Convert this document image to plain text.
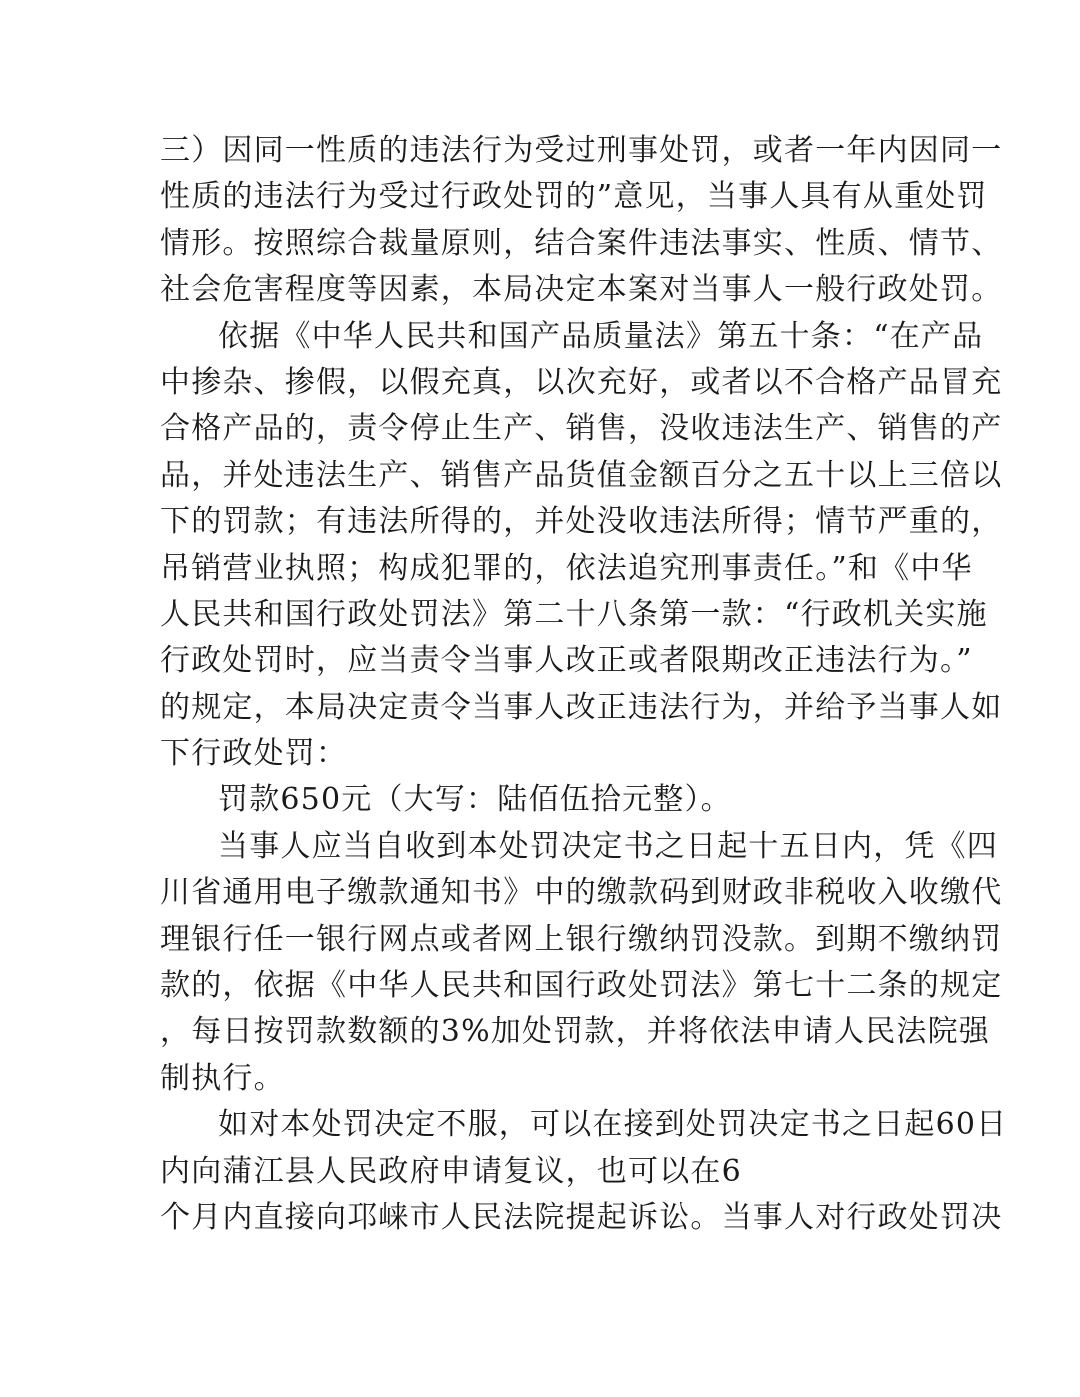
三）因同一性质的违法行为受过刑事处罚，或者一年内因同一
性质的违法行为受过行政处罚的”意见，当事人具有从重处罚
情形。按照综合裁量原则，结合案件违法事实、性质、情节、
社会危害程度等因素，本局决定本案对当事人一般行政处罚。
依据《中华人民共和国产品质量法》第五十条：“在产品
中掺杂、掺假，以假充真，以次充好，或者以不合格产品冒充
合格产品的，责令停止生产、销售，没收违法生产、销售的产
品，并处违法生产、销售产品货值金额百分之五十以上三倍以
下的罚款；有违法所得的，并处没收违法所得；情节严重的，
吊销营业执照；构成犯罪的，依法追究刑事责任。”和《中华
人民共和国行政处罚法》第二十八条第一款：“行政机关实施
行政处罚时，应当责令当事人改正或者限期改正违法行为。”
的规定，本局决定责令当事人改正违法行为，并给予当事人如
下行政处罚：
罚款650元（大写：陆佰伍拾元整）。
当事人应当自收到本处罚决定书之日起十五日内，凭《四
川省通用电子缴款通知书》中的缴款码到财政非税收入收缴代
理银行任一银行网点或者网上银行缴纳罚没款。到期不缴纳罚
款的，依据《中华人民共和国行政处罚法》第七十二条的规定
，每日按罚款数额的3%加处罚款，并将依法申请人民法院强
制执行。
如对本处罚决定不服，可以在接到处罚决定书之日起60日
内向蒲江县人民政府申请复议，也可以在6
个月内直接向邛崃市人民法院提起诉讼。当事人对行政处罚决
